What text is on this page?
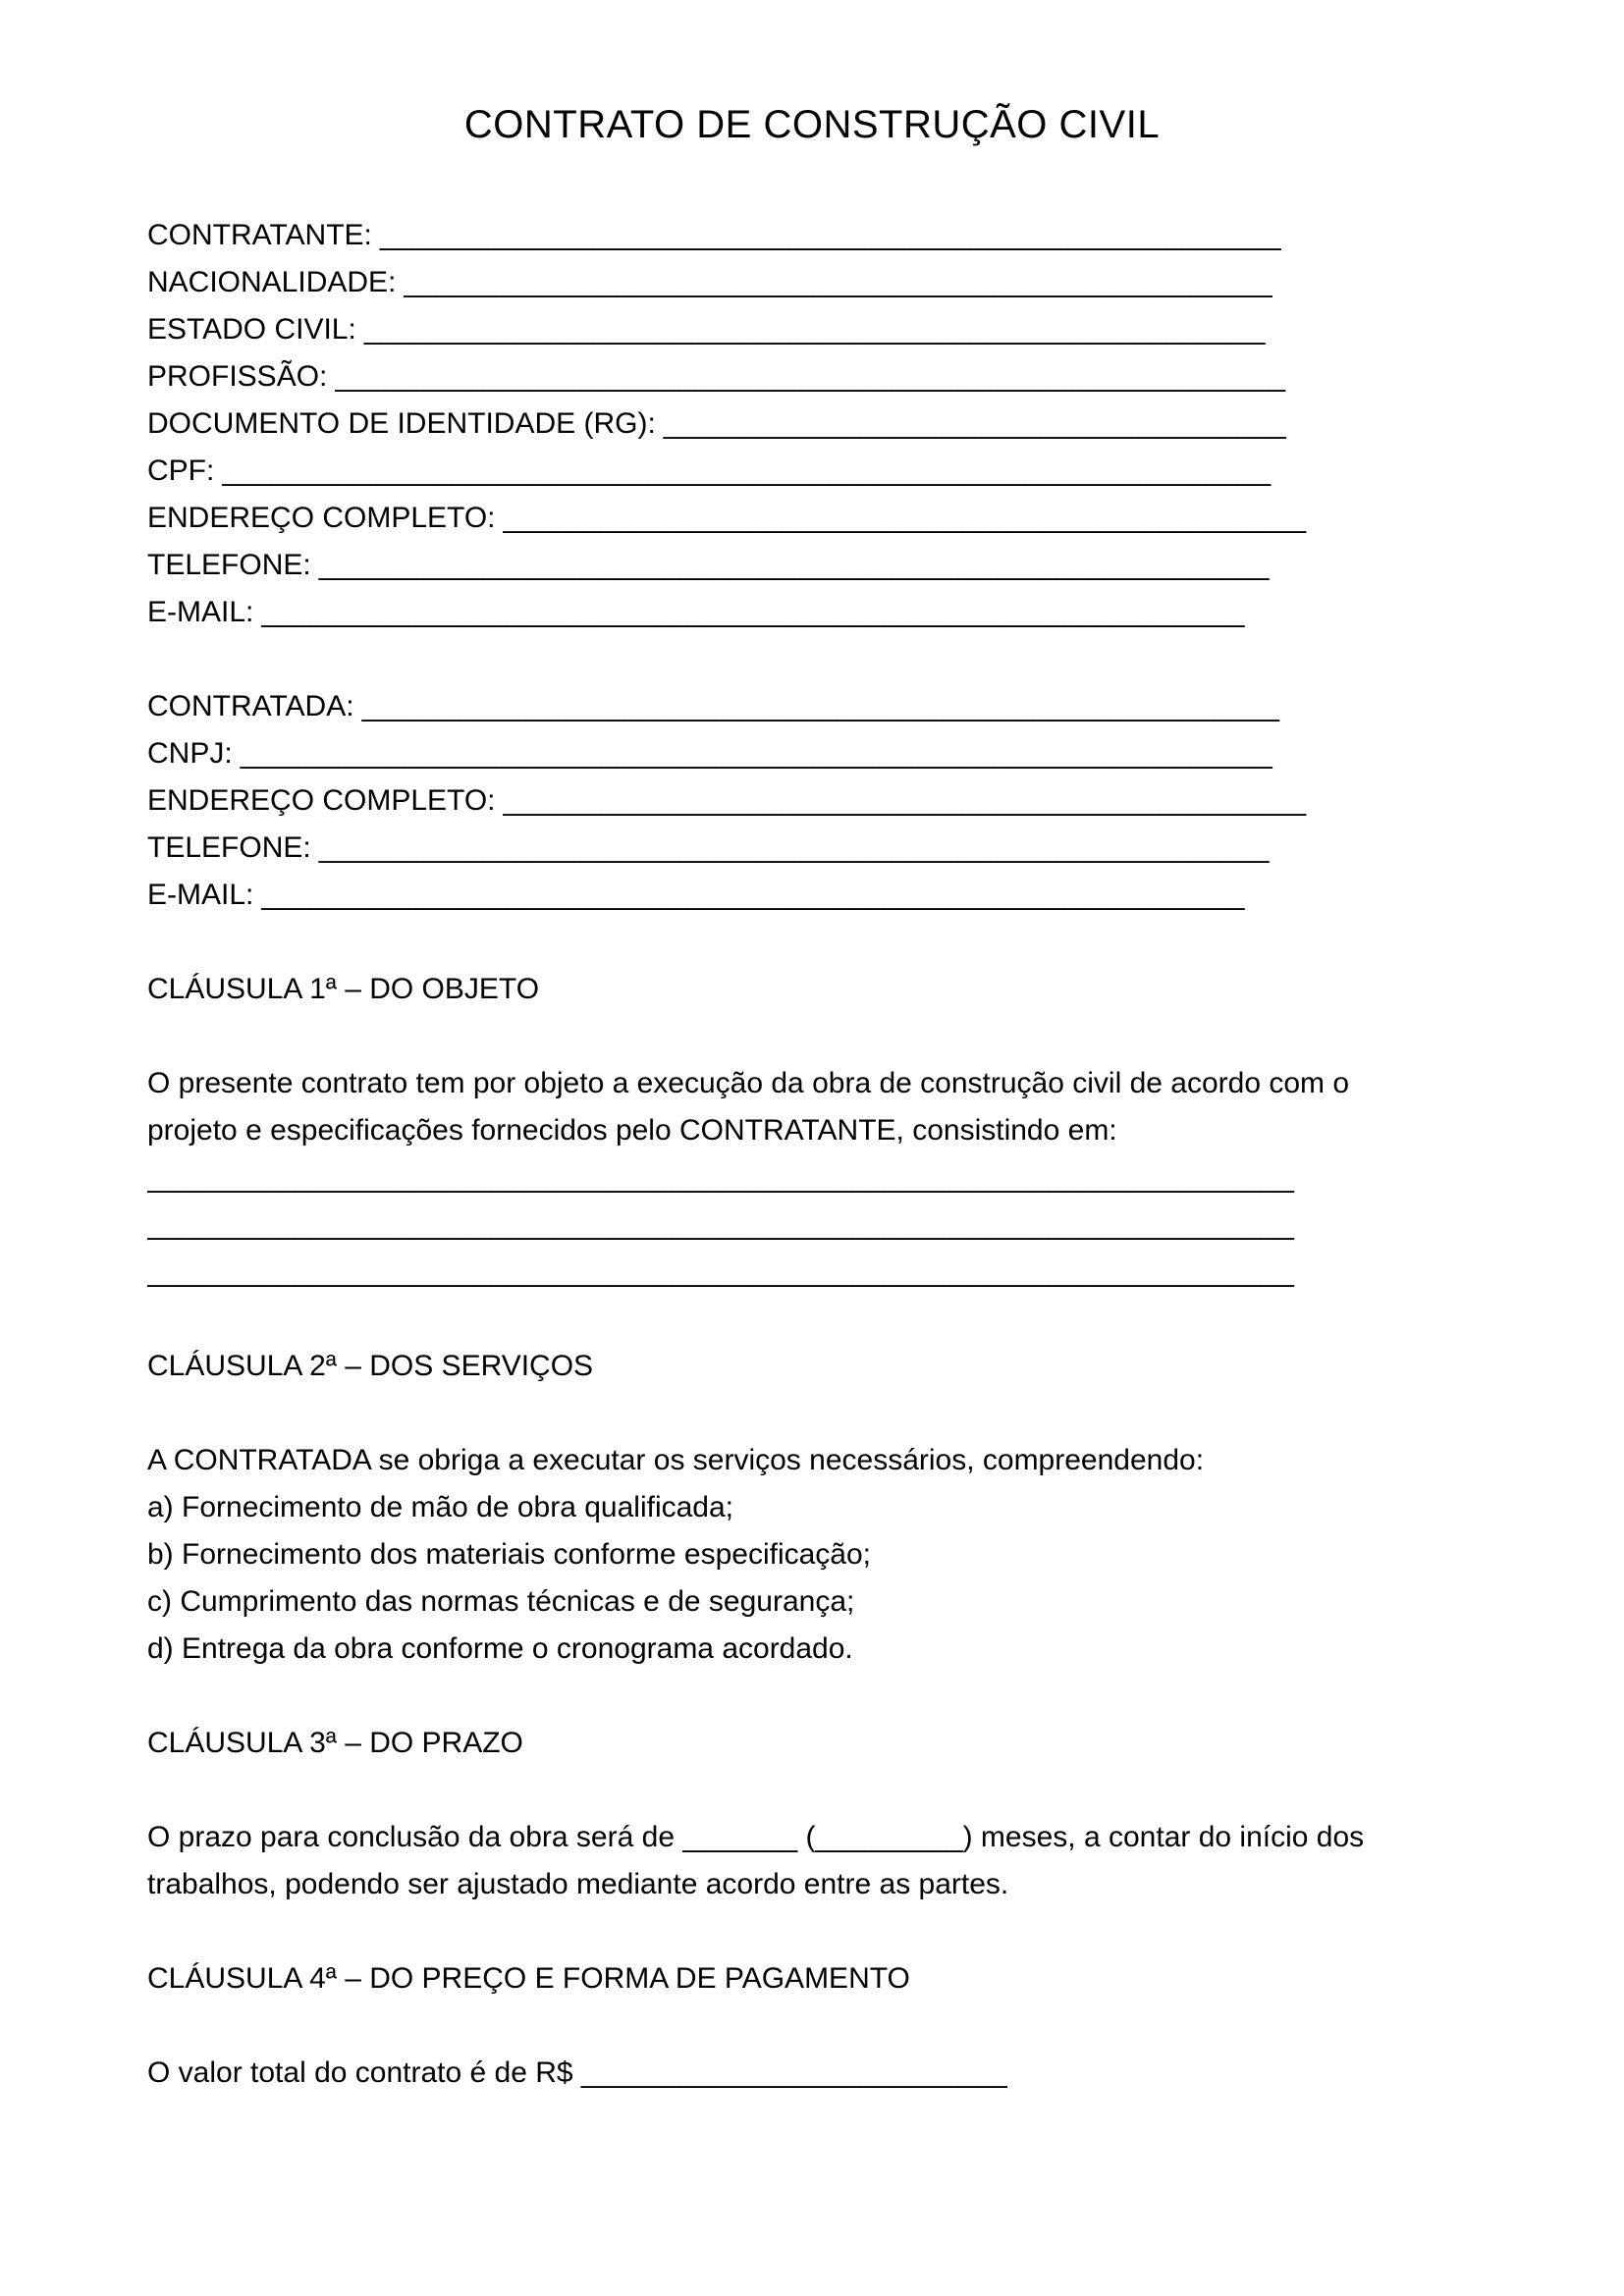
CONTRATO DE CONSTRUÇÃO CIVIL
CONTRATANTE: _______________________________________________________
NACIONALIDADE: _____________________________________________________
ESTADO CIVIL: _______________________________________________________
PROFISSÃO: __________________________________________________________
DOCUMENTO DE IDENTIDADE (RG): ______________________________________
CPF: ________________________________________________________________
ENDEREÇO COMPLETO: _________________________________________________
TELEFONE: __________________________________________________________
E-MAIL: ____________________________________________________________
CONTRATADA: ________________________________________________________
CNPJ: _______________________________________________________________
ENDEREÇO COMPLETO: _________________________________________________
TELEFONE: __________________________________________________________
E-MAIL: ____________________________________________________________
CLÁUSULA 1ª – DO OBJETO

O presente contrato tem por objeto a execução da obra de construção civil de acordo com o projeto e especificações fornecidos pelo CONTRATANTE, consistindo em:

______________________________________________________________________
______________________________________________________________________
______________________________________________________________________
CLÁUSULA 2ª – DOS SERVIÇOS

A CONTRATADA se obriga a executar os serviços necessários, compreendendo:

a) Fornecimento de mão de obra qualificada;
b) Fornecimento dos materiais conforme especificação;
c) Cumprimento das normas técnicas e de segurança;
d) Entrega da obra conforme o cronograma acordado.
CLÁUSULA 3ª – DO PRAZO

O prazo para conclusão da obra será de _______ (_________) meses, a contar do início dos trabalhos, podendo ser ajustado mediante acordo entre as partes.

CLÁUSULA 4ª – DO PREÇO E FORMA DE PAGAMENTO

O valor total do contrato é de R$ __________________________
